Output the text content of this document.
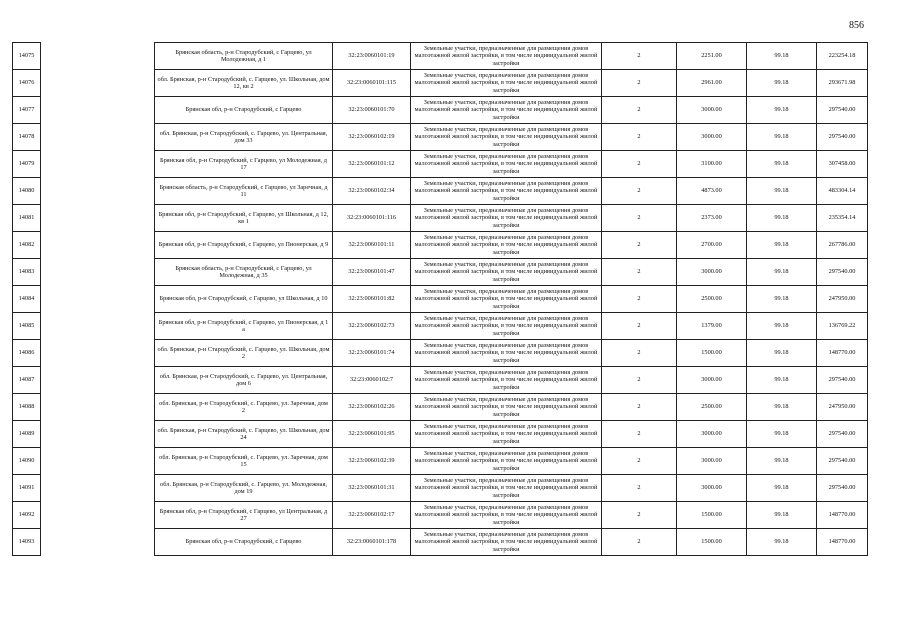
856
14075		Брянская область, р-н Стародубский, с Гарцево, ул Молодежная, д 1	32:23:0060101:19	Земельные участки, предназначенные для размещения домов малоэтажной жилой застройки, в том числе индивидуальной жилой застройки	2	2251.00	99.18	223254.18
14076		обл. Брянская, р-н Стародубский, с. Гарцево, ул. Школьная, дом 12, кв 2	32:23:0060101:115	Земельные участки, предназначенные для размещения домов малоэтажной жилой застройки, в том числе индивидуальной жилой застройки	2	2961.00	99.18	293671.98
14077		Брянская обл, р-н Стародубский, с Гарцево	32:23:0060101:70	Земельные участки, предназначенные для размещения домов малоэтажной жилой застройки, в том числе индивидуальной жилой застройки	2	3000.00	99.18	297540.00
14078		обл. Брянская, р-н Стародубский, с. Гарцево, ул. Центральная, дом 33	32:23:0060102:19	Земельные участки, предназначенные для размещения домов малоэтажной жилой застройки, в том числе индивидуальной жилой застройки	2	3000.00	99.18	297540.00
14079		Брянская обл, р-н Стародубский, с Гарцево, ул Молодежная, д 17	32:23:0060101:12	Земельные участки, предназначенные для размещения домов малоэтажной жилой застройки, в том числе индивидуальной жилой застройки	2	3100.00	99.18	307458.00
14080		Брянская область, р-н Стародубский, с Гарцево, ул Заречная, д 11	32:23:0060102:34	Земельные участки, предназначенные для размещения домов малоэтажной жилой застройки, в том числе индивидуальной жилой застройки	2	4873.00	99.18	483304.14
14081		Брянская обл, р-н Стародубский, с Гарцево, ул Школьная, д 12, кв 1	32:23:0060101:116	Земельные участки, предназначенные для размещения домов малоэтажной жилой застройки, в том числе индивидуальной жилой застройки	2	2373.00	99.18	235354.14
14082		Брянская обл, р-н Стародубский, с Гарцево, ул Пионерская, д 9	32:23:0060101:11	Земельные участки, предназначенные для размещения домов малоэтажной жилой застройки, в том числе индивидуальной жилой застройки	2	2700.00	99.18	267786.00
14083		Брянская область, р-н Стародубский, с Гарцево, ул Молодежная, д 35	32:23:0060101:47	Земельные участки, предназначенные для размещения домов малоэтажной жилой застройки, в том числе индивидуальной жилой застройки	2	3000.00	99.18	297540.00
14084		Брянская обл, р-н Стародубский, с Гарцево, ул Школьная, д 10	32:23:0060101:82	Земельные участки, предназначенные для размещения домов малоэтажной жилой застройки, в том числе индивидуальной жилой застройки	2	2500.00	99.18	247950.00
14085		Брянская обл, р-н Стародубский, с Гарцево, ул Пионерская, д 1 а	32:23:0060102:73	Земельные участки, предназначенные для размещения домов малоэтажной жилой застройки, в том числе индивидуальной жилой застройки	2	1379.00	99.18	136769.22
14086		обл. Брянская, р-н Стародубский, с. Гарцево, ул. Школьная, дом 2	32:23:0060101:74	Земельные участки, предназначенные для размещения домов малоэтажной жилой застройки, в том числе индивидуальной жилой застройки	2	1500.00	99.18	148770.00
14087		обл. Брянская, р-н Стародубский, с. Гарцево, ул. Центральная, дом 6	32:23:0060102:7	Земельные участки, предназначенные для размещения домов малоэтажной жилой застройки, в том числе индивидуальной жилой застройки	2	3000.00	99.18	297540.00
14088		обл. Брянская, р-н Стародубский, с. Гарцево, ул. Заречная, дом 2	32:23:0060102:26	Земельные участки, предназначенные для размещения домов малоэтажной жилой застройки, в том числе индивидуальной жилой застройки	2	2500.00	99.18	247950.00
14089		обл. Брянская, р-н Стародубский, с. Гарцево, ул. Школьная, дом 24	32:23:0060101:95	Земельные участки, предназначенные для размещения домов малоэтажной жилой застройки, в том числе индивидуальной жилой застройки	2	3000.00	99.18	297540.00
14090		обл. Брянская, р-н Стародубский, с. Гарцево, ул. Заречная, дом 15	32:23:0060102:39	Земельные участки, предназначенные для размещения домов малоэтажной жилой застройки, в том числе индивидуальной жилой застройки	2	3000.00	99.18	297540.00
14091		обл. Брянская, р-н Стародубский, с. Гарцево, ул. Молодежная, дом 19	32:23:0060101:31	Земельные участки, предназначенные для размещения домов малоэтажной жилой застройки, в том числе индивидуальной жилой застройки	2	3000.00	99.18	297540.00
14092		Брянская обл, р-н Стародубский, с Гарцево, ул Центральная, д 27	32:23:0060102:17	Земельные участки, предназначенные для размещения домов малоэтажной жилой застройки, в том числе индивидуальной жилой застройки	2	1500.00	99.18	148770.00
14093		Брянская обл, р-н Стародубский, с Гарцево	32:23:0060101:178	Земельные участки, предназначенные для размещения домов малоэтажной жилой застройки, в том числе индивидуальной жилой застройки	2	1500.00	99.18	148770.00
